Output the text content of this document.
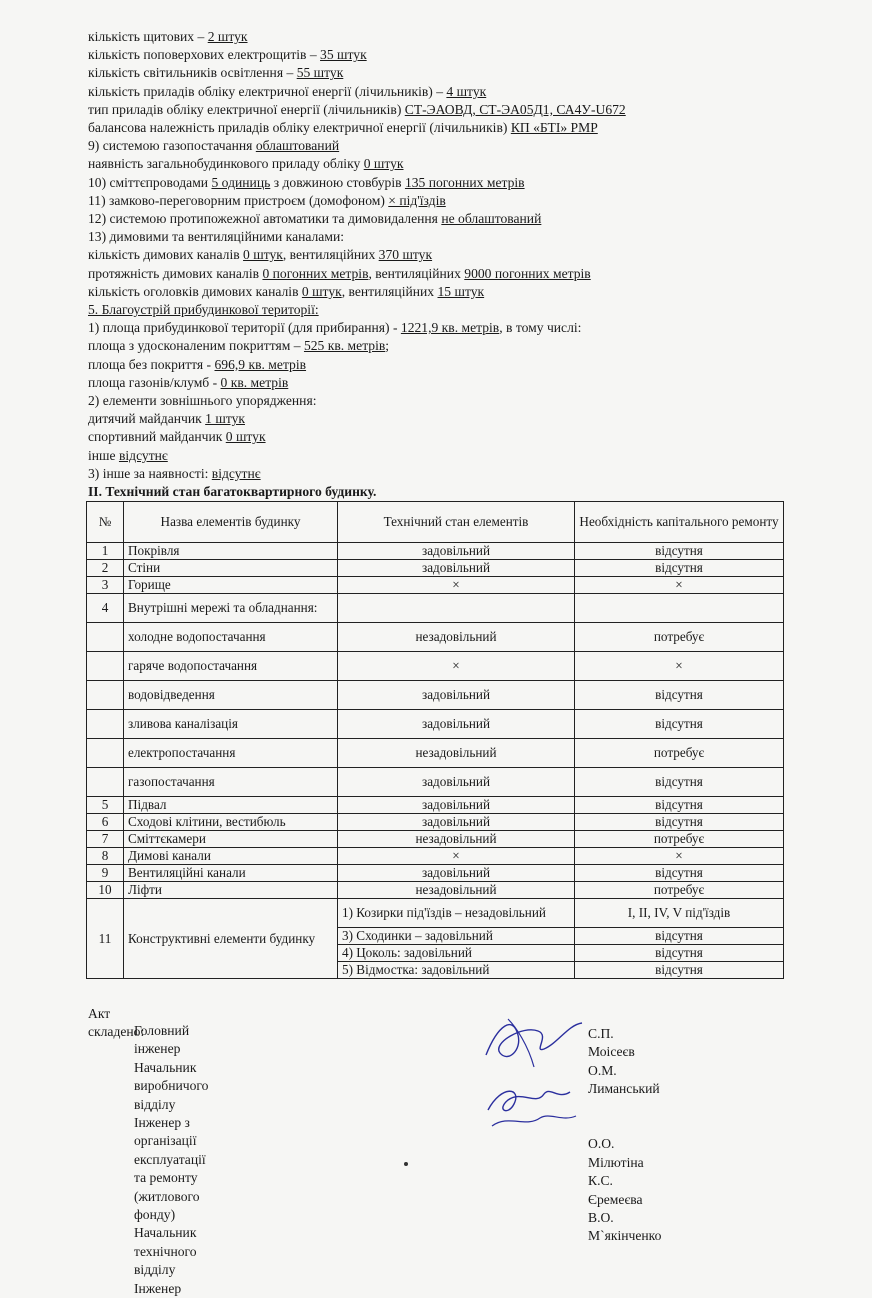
кількість щитових – 2 штук
кількість поповерхових електрощитів – 35 штук
кількість світильників освітлення – 55 штук
кількість приладів обліку електричної енергії (лічильників) – 4 штук
тип приладів обліку електричної енергії (лічильників) СТ-ЭАОВД, СТ-ЭА05Д1, СА4У-U672
балансова належність приладів обліку електричної енергії (лічильників) КП «БТІ» РМР
9) системою газопостачання облаштований
наявність загальнобудинкового приладу обліку 0 штук
10) сміттєпроводами 5 одиниць з довжиною стовбурів 135 погонних метрів
11) замково-переговорним пристроєм (домофоном) × під'їздів
12) системою протипожежної автоматики та димовидалення не облаштований
13) димовими та вентиляційними каналами:
кількість димових каналів 0 штук, вентиляційних 370 штук
протяжність димових каналів 0 погонних метрів, вентиляційних 9000 погонних метрів
кількість оголовків димових каналів 0 штук, вентиляційних 15 штук
5. Благоустрій прибудинкової території:
1) площа прибудинкової території (для прибирання) - 1221,9 кв. метрів, в тому числі:
площа з удосконаленим покриттям – 525 кв. метрів;
площа без покриття - 696,9 кв. метрів
площа газонів/клумб - 0 кв. метрів
2) елементи зовнішнього упорядження:
дитячий майданчик 1 штук
спортивний майданчик 0 штук
інше відсутнє
3) інше за наявності: відсутнє
II. Технічний стан багатоквартирного будинку.
№	Назва елементів будинку	Технічний стан елементів	Необхідність капітального ремонту
1	Покрівля	задовільний	відсутня
2	Стіни	задовільний	відсутня
3	Горище	×	×
4	Внутрішні мережі та обладнання:		
	холодне водопостачання	незадовільний	потребує
	гаряче водопостачання	×	×
	водовідведення	задовільний	відсутня
	зливова каналізація	задовільний	відсутня
	електропостачання	незадовільний	потребує
	газопостачання	задовільний	відсутня
5	Підвал	задовільний	відсутня
6	Сходові клітини, вестибюль	задовільний	відсутня
7	Сміттєкамери	незадовільний	потребує
8	Димові канали	×	×
9	Вентиляційні канали	задовільний	відсутня
10	Ліфти	незадовільний	потребує
11	Конструктивні елементи будинку	1) Козирки під'їздів – незадовільний	I, II, IV, V під'їздів
		3) Сходинки – задовільний	відсутня
		4) Цоколь: задовільний	відсутня
		5) Відмостка: задовільний	відсутня
Акт складено:
Головний інженер
Начальник виробничого відділу
Інженер з організації експлуатації
та ремонту (житлового фонду)
Начальник технічного відділу
Інженер
С.П. Моісеєв
О.М. Лиманський
О.О. Мілютіна
К.С. Єремеєва
В.О. М`якінченко
